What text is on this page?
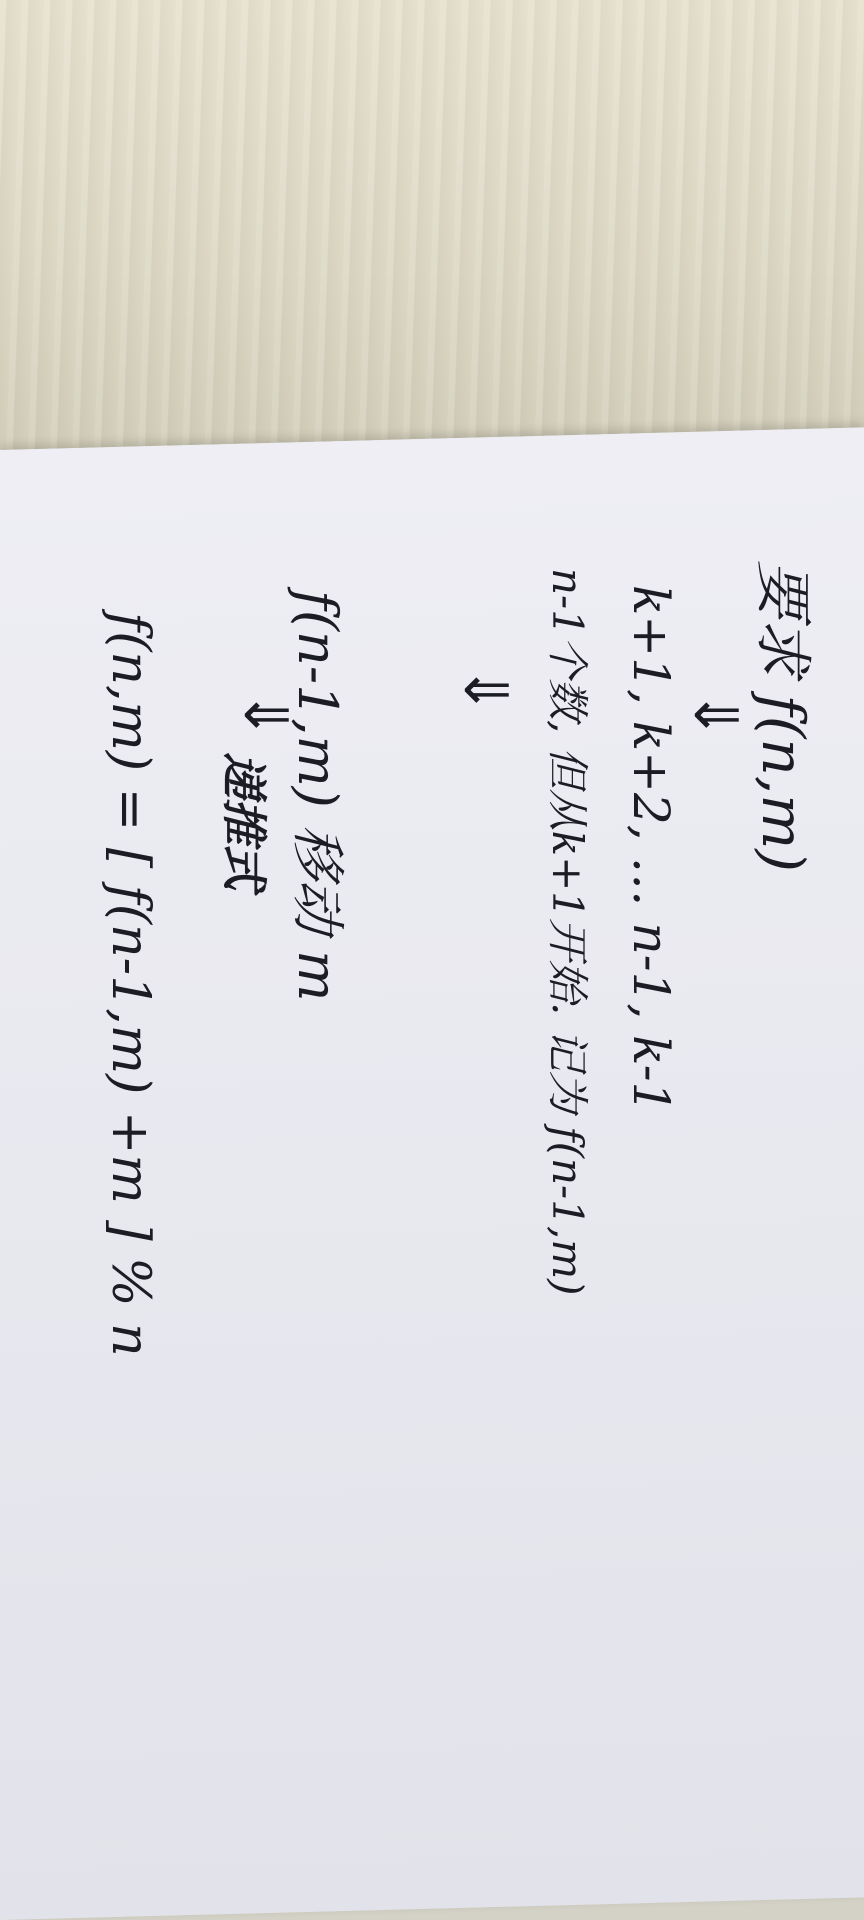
要求 f(n,m)
⇓
k+1, k+2, … n-1, k-1
n-1个数, 但从k+1开始. 记为 f(n-1,m)
⇓
f(n-1,m) 移动 m
⇓
递推式
f(n,m) = [ f(n-1,m) +m ] % n
